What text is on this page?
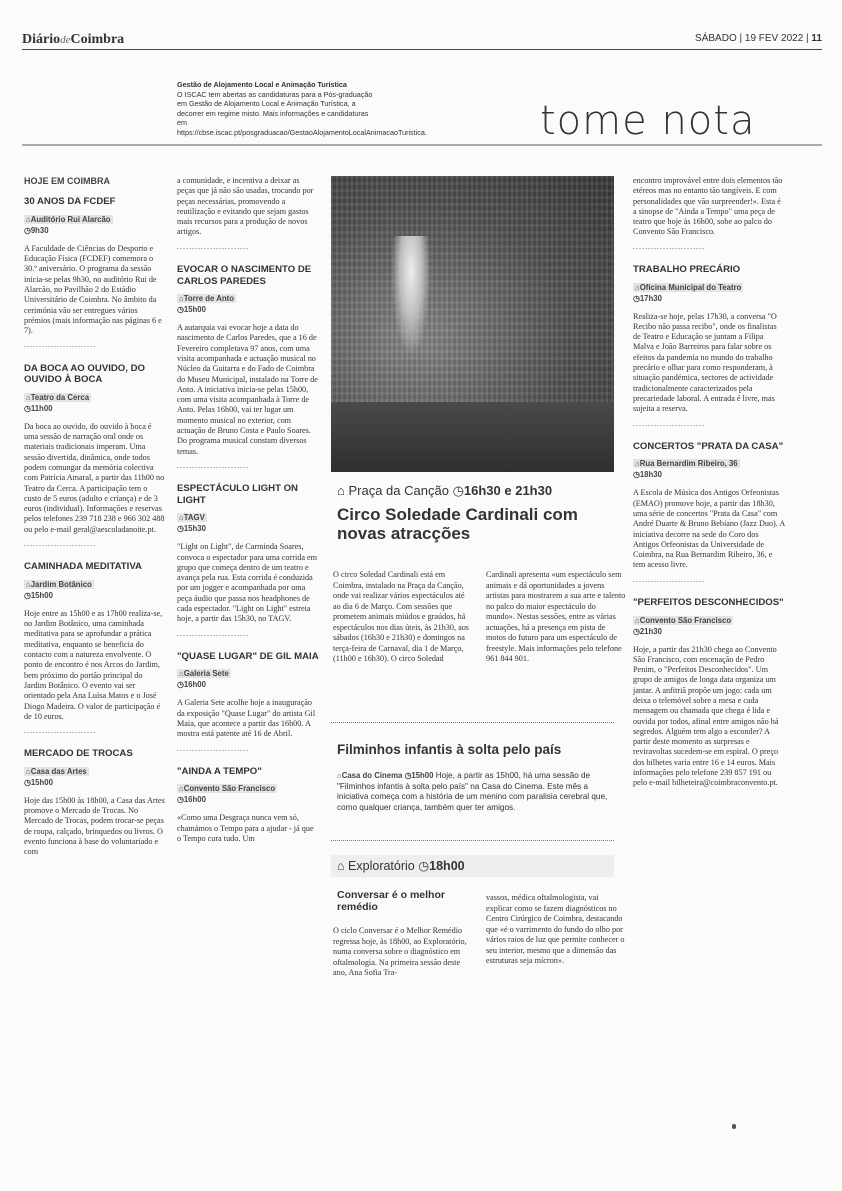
DiáriodeCoimbra	SÁBADO | 19 FEV 2022 | 11

Gestão de Alojamento Local e Animação Turística
O ISCAC tem abertas as candidaturas para a Pós-graduação em Gestão de Alojamento Local e Animação Turística, a decorrer em regime misto. Mais informações e candidaturas em https://cbse.iscac.pt/posgraduacao/GestaoAlojamentoLocalAnimacaoTuristica.	tome nota
HOJE EM COIMBRA
30 ANOS DA FCDEF
⌂Auditório Rui Alarcão
◷9h30
A Faculdade de Ciências do Desporto e Educação Física (FCDEF) comemora o 30.º aniversário. O programa da sessão inicia-se pelas 9h30, no auditório Rui de Alarcão, no Pavilhão 2 do Estádio Universitário de Coimbra. No âmbito da cerimónia vão ser entregues vários prémios (mais informação nas páginas 6 e 7).
........................
DA BOCA AO OUVIDO, DO OUVIDO À BOCA
⌂Teatro da Cerca
◷11h00
Da boca ao ouvido, do ouvido à boca é uma sessão de narração oral onde os materiais tradicionais imperam. Uma sessão divertida, dinâmica, onde todos podem comungar da memória colectiva com Patrícia Amaral, a partir das 11h00 no Teatro da Cerca. A participação tem o custo de 5 euros (adulto e criança) e de 3 euros (individual). Informações e reservas pelos telefones 239 718 238 e 966 302 488 ou pelo e-mail geral@aescoladanoite.pt.
........................
CAMINHADA MEDITATIVA
⌂Jardim Botânico
◷15h00
Hoje entre as 15h00 e as 17h00 realiza-se, no Jardim Botânico, uma caminhada meditativa para se aprofundar a prática meditativa, enquanto se beneficia do contacto com a natureza envolvente. O ponto de encontro é nos Arcos do Jardim, bem próximo do portão principal do Jardim Botânico. O evento vai ser orientado pela Ana Luísa Matos e o José Diogo Madeira. O valor de participação é de 10 euros.
........................
MERCADO DE TROCAS
⌂Casa das Artes
◷15h00
Hoje das 15h00 às 18h00, a Casa das Artes promove o Mercado de Trocas. No Mercado de Trocas, podem trocar-se peças de roupa, calçado, brinquedos ou livros. O evento funciona à base do voluntariado e com
a comunidade, e incentiva a deixar as peças que já não são usadas, trocando por peças necessárias, promovendo a reutilização e evitando que sejam gastos mais recursos para a produção de novos artigos.
........................
EVOCAR O NASCIMENTO DE CARLOS PAREDES
⌂Torre de Anto
◷15h00
A autarquia vai evocar hoje a data do nascimento de Carlos Paredes, que a 16 de Fevereiro completava 97 anos, com uma visita acompanhada e actuação musical no Núcleo da Guitarra e do Fado de Coimbra do Museu Municipal, instalado na Torre de Anto. A iniciativa inicia-se pelas 15h00, com uma visita acompanhada à Torre de Anto. Pelas 16h00, vai ter lugar um momento musical no exterior, com actuação de Bruno Costa e Paulo Soares. Do programa musical constam diversos temas.
........................
ESPECTÁCULO LIGHT ON LIGHT
⌂TAGV
◷15h30
"Light on Light", de Carminda Soares, convoca o espectador para uma corrida em grupo que começa dentro de um teatro e avança pela rua. Esta corrida é conduzida por um jogger e acompanhada por uma peça áudio que passa nos headphones de cada espectador. "Light on Light" estreia hoje, a partir das 15h30, no TAGV.
........................
"QUASE LUGAR" DE GIL MAIA
⌂Galeria Sete
◷16h00
A Galeria Sete acolhe hoje a inauguração da exposição "Quase Lugar" do artista Gil Maia, que acontece a partir das 16h00. A mostra está patente até 16 de Abril.
........................
"AINDA A TEMPO"
⌂Convento São Francisco
◷16h00
«Como uma Desgraça nunca vem só, chamámos o Tempo para a ajudar - já que o Tempo cura tudo. Um
⌂ Praça da Canção ◷16h30 e 21h30
Circo Soledade Cardinali com novas atracções
O circo Soledad Cardinali está em Coimbra, instalado na Praça da Canção, onde vai realizar vários espectáculos até ao dia 6 de Março. Com sessões que prometem animais miúdos e graúdos, há espectáculos nos dias úteis, às 21h30, aos sábados (16h30 e 21h30) e domingos na terça-feira de Carnaval, dia 1 de Março, (11h00 e 16h30). O circo Soledad
Cardinali apresenta «um espectáculo sem animais e dá oportunidades a jovens artistas para mostrarem a sua arte e talento no palco do maior espectáculo do mundo». Nestas sessões, entre as várias actuações, há a presença em pista de motos do futuro para um espectáculo de freestyle. Mais informações pelo telefone 961 844 901.
Filminhos infantis à solta pelo país
⌂Casa do Cinema ◷15h00 Hoje, a partir as 15h00, há uma sessão de "Filminhos infantis à solta pelo país" na Casa do Cinema. Este mês a iniciativa começa com a história de um menino com paralisia cerebral que, como qualquer criança, também quer ter amigos.
⌂ Exploratório ◷18h00
Conversar é o melhor remédio
O ciclo Conversar é o Melhor Remédio regressa hoje, às 18h00, ao Exploratório, numa conversa sobre o diagnóstico em oftalmologia. Na primeira sessão deste ano, Ana Sofia Tra-
vassos, médica oftalmologista, vai explicar como se fazem diagnósticos no Centro Cirúrgico de Coimbra, destacando que «é o varrimento do fundo do olho por vários raios de luz que permite conhecer o seu interior, mesmo que a dimensão das estruturas seja mícron».
encontro improvável entre dois elementos tão etéreos mas no entanto tão tangíveis. E com personalidades que vão surpreender!». Esta é a sinopse de "Ainda a Tempo" uma peça de teatro que hoje às 16h00, sobe ao palco do Convento São Francisco.
........................
TRABALHO PRECÁRIO
⌂Oficina Municipal do Teatro
◷17h30
Realiza-se hoje, pelas 17h30, a conversa "O Recibo não passa recibo", onde os finalistas de Teatro e Educação se juntam a Filipa Malva e João Barreiros para falar sobre os efeitos da pandemia no mundo do trabalho precário e olhar para como responderam, à situação pandémica, sectores de actividade tradicionalmente caracterizados pela precariedade laboral. A entrada é livre, mas sujeita a reserva.
........................
CONCERTOS "PRATA DA CASA"
⌂Rua Bernardim Ribeiro, 36
◷18h30
A Escola de Música dos Antigos Orfeonistas (EMAO) promove hoje, a partir das 18h30, uma série de concertos "Prata da Casa" com André Duarte & Bruno Bebiano (Jazz Duo). A iniciativa decorre na sede do Coro dos Antigos Orfeonistas da Universidade de Coimbra, na Rua Bernardim Ribeiro, 36, e tem acesso livre.
........................
"PERFEITOS DESCONHECIDOS"
⌂Convento São Francisco
◷21h30
Hoje, a partir das 21h30 chega ao Convento São Francisco, com encenação de Pedro Penim, o "Perfeitos Desconhecidos". Um grupo de amigos de longa data organiza um jantar. A anfitriã propõe um jogo: cada um deixa o telemóvel sobre a mesa e cada mensagem ou chamada que chega é lida e ouvida por todos, afinal entre amigos não há segredos. Alguém tem algo a esconder? A partir deste momento as surpresas e reviravoltas sucedem-se em espiral. O preço dos bilhetes varia entre 16 e 14 euros. Mais informações pelo telefone 239 857 191 ou pelo e-mail bilheteira@coimbraconvento.pt.
